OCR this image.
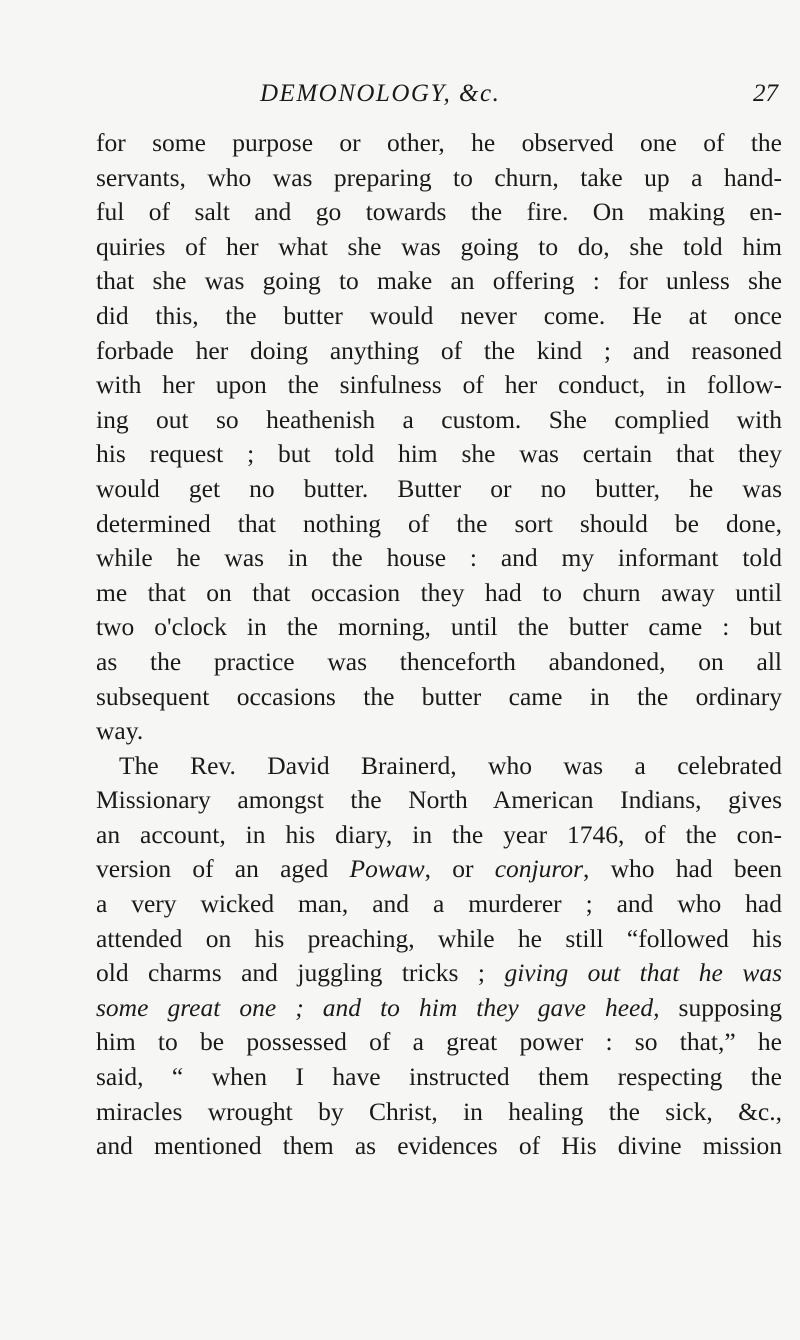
DEMONOLOGY, &c.	27
for some purpose or other, he observed one of the
servants, who was preparing to churn, take up a hand-
ful of salt and go towards the fire. On making en-
quiries of her what she was going to do, she told him
that she was going to make an offering : for unless she
did this, the butter would never come. He at once
forbade her doing anything of the kind ; and reasoned
with her upon the sinfulness of her conduct, in follow-
ing out so heathenish a custom. She complied with
his request ; but told him she was certain that they
would get no butter. Butter or no butter, he was
determined that nothing of the sort should be done,
while he was in the house : and my informant told
me that on that occasion they had to churn away until
two o'clock in the morning, until the butter came : but
as the practice was thenceforth abandoned, on all
subsequent occasions the butter came in the ordinary
way.
The Rev. David Brainerd, who was a celebrated
Missionary amongst the North American Indians, gives
an account, in his diary, in the year 1746, of the con-
version of an aged Powaw, or conjuror, who had been
a very wicked man, and a murderer ; and who had
attended on his preaching, while he still “followed his
old charms and juggling tricks ; giving out that he was
some great one ; and to him they gave heed, supposing
him to be possessed of a great power : so that,” he
said, “ when I have instructed them respecting the
miracles wrought by Christ, in healing the sick, &c.,
and mentioned them as evidences of His divine mission
